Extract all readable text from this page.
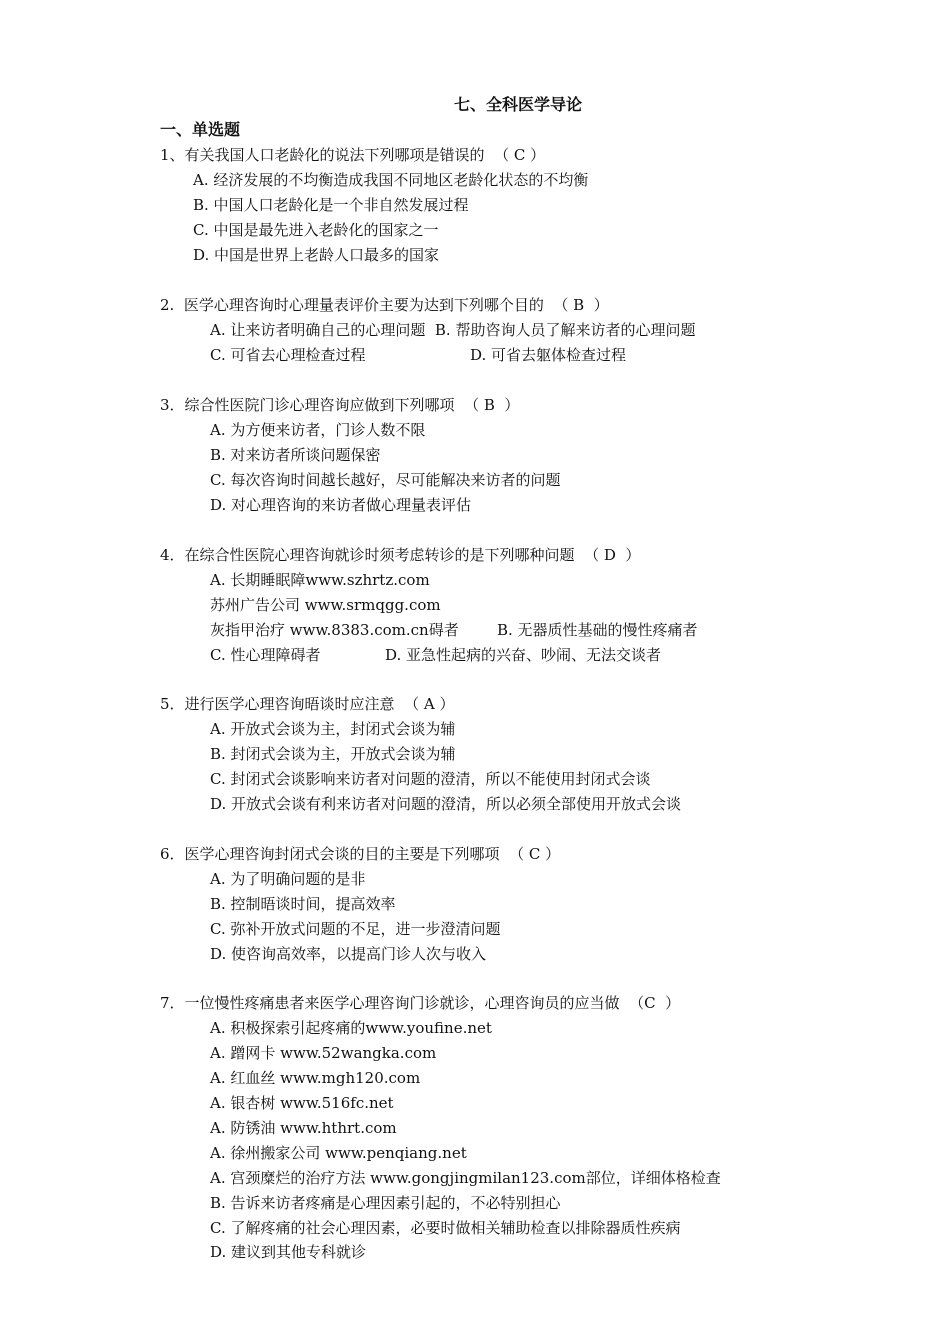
七、全科医学导论
一、单选题
1、有关我国人口老龄化的说法下列哪项是错误的  （ C ）
A. 经济发展的不均衡造成我国不同地区老龄化状态的不均衡
B. 中国人口老龄化是一个非自然发展过程
C. 中国是最先进入老龄化的国家之一
D. 中国是世界上老龄人口最多的国家
2.  医学心理咨询时心理量表评价主要为达到下列哪个目的  （ B  ）
A. 让来访者明确自己的心理问题  B. 帮助咨询人员了解来访者的心理问题
C. 可省去心理检查过程	D. 可省去躯体检查过程
3．综合性医院门诊心理咨询应做到下列哪项  （ B  ）
A. 为方便来访者，门诊人数不限
B. 对来访者所谈问题保密
C. 每次咨询时间越长越好，尽可能解决来访者的问题
D. 对心理咨询的来访者做心理量表评估
4．在综合性医院心理咨询就诊时须考虑转诊的是下列哪种问题  （ D  ）
A. 长期睡眠障www.szhrtz.com
苏州广告公司 www.srmqgg.com
灰指甲治疗 www.8383.com.cn碍者	B. 无器质性基础的慢性疼痛者
C. 性心理障碍者	D. 亚急性起病的兴奋、吵闹、无法交谈者
5．进行医学心理咨询晤谈时应注意  （ A ）
A. 开放式会谈为主，封闭式会谈为辅
B. 封闭式会谈为主，开放式会谈为辅
C. 封闭式会谈影响来访者对问题的澄清，所以不能使用封闭式会谈
D. 开放式会谈有利来访者对问题的澄清，所以必须全部使用开放式会谈
6．医学心理咨询封闭式会谈的目的主要是下列哪项  （ C ）
A. 为了明确问题的是非
B. 控制晤谈时间，提高效率
C. 弥补开放式问题的不足，进一步澄清问题
D. 使咨询高效率，以提高门诊人次与收入
7．一位慢性疼痛患者来医学心理咨询门诊就诊，心理咨询员的应当做  （C  ）
A. 积极探索引起疼痛的www.youfine.net
A. 蹭网卡 www.52wangka.com
A. 红血丝 www.mgh120.com
A. 银杏树 www.516fc.net
A. 防锈油 www.hthrt.com
A. 徐州搬家公司 www.penqiang.net
A. 宫颈糜烂的治疗方法 www.gongjingmilan123.com部位，详细体格检查
B. 告诉来访者疼痛是心理因素引起的，不必特别担心
C. 了解疼痛的社会心理因素，必要时做相关辅助检查以排除器质性疾病
D. 建议到其他专科就诊
